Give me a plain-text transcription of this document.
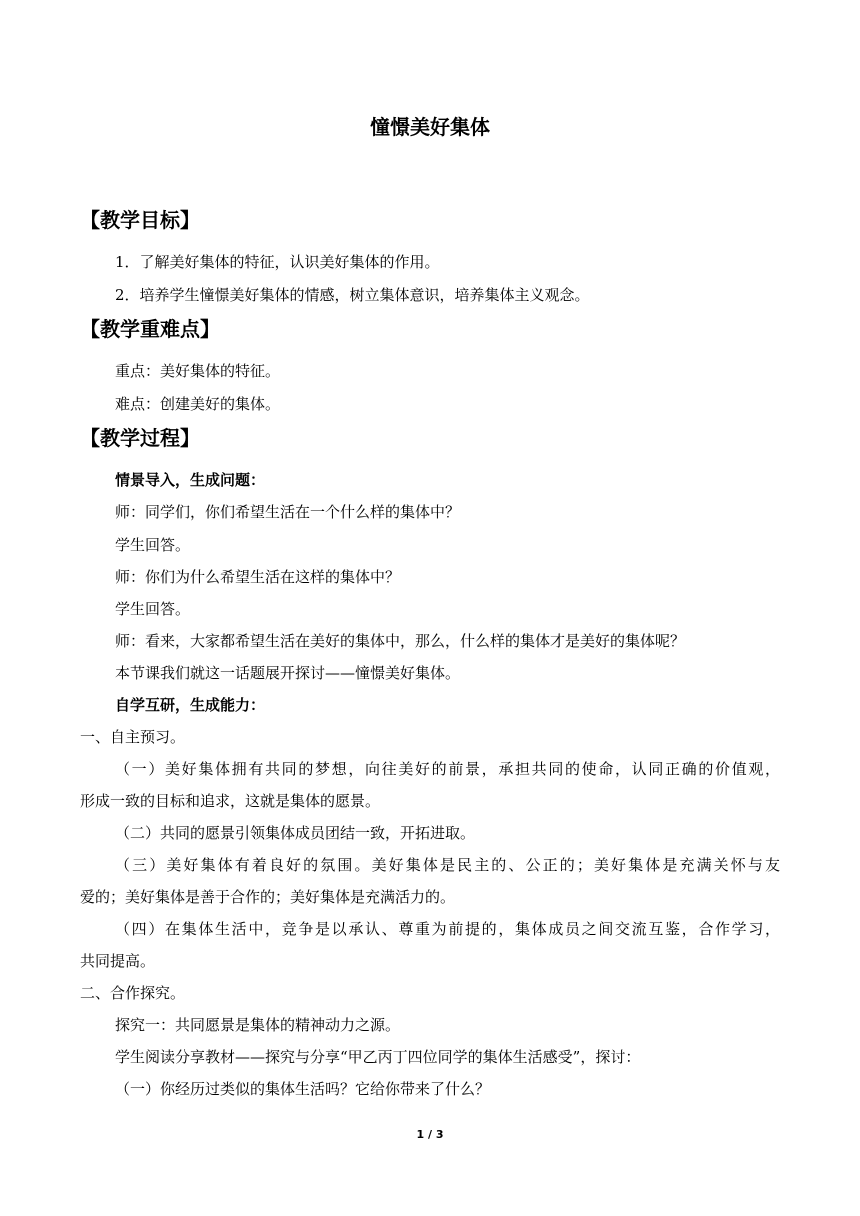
憧憬美好集体
【教学目标】
1．了解美好集体的特征，认识美好集体的作用。
2．培养学生憧憬美好集体的情感，树立集体意识，培养集体主义观念。
【教学重难点】
重点：美好集体的特征。
难点：创建美好的集体。
【教学过程】
情景导入，生成问题：
师：同学们，你们希望生活在一个什么样的集体中？
学生回答。
师：你们为什么希望生活在这样的集体中？
学生回答。
师：看来，大家都希望生活在美好的集体中，那么，什么样的集体才是美好的集体呢？
本节课我们就这一话题展开探讨——憧憬美好集体。
自学互研，生成能力：
一、自主预习。
（一）美好集体拥有共同的梦想，向往美好的前景，承担共同的使命，认同正确的价值观，
形成一致的目标和追求，这就是集体的愿景。
（二）共同的愿景引领集体成员团结一致，开拓进取。
（三）美好集体有着良好的氛围。美好集体是民主的、公正的；美好集体是充满关怀与友
爱的；美好集体是善于合作的；美好集体是充满活力的。
（四）在集体生活中，竞争是以承认、尊重为前提的，集体成员之间交流互鉴，合作学习，
共同提高。
二、合作探究。
探究一：共同愿景是集体的精神动力之源。
学生阅读分享教材——探究与分享“甲乙丙丁四位同学的集体生活感受”，探讨：
（一）你经历过类似的集体生活吗？它给你带来了什么？
1 / 3
